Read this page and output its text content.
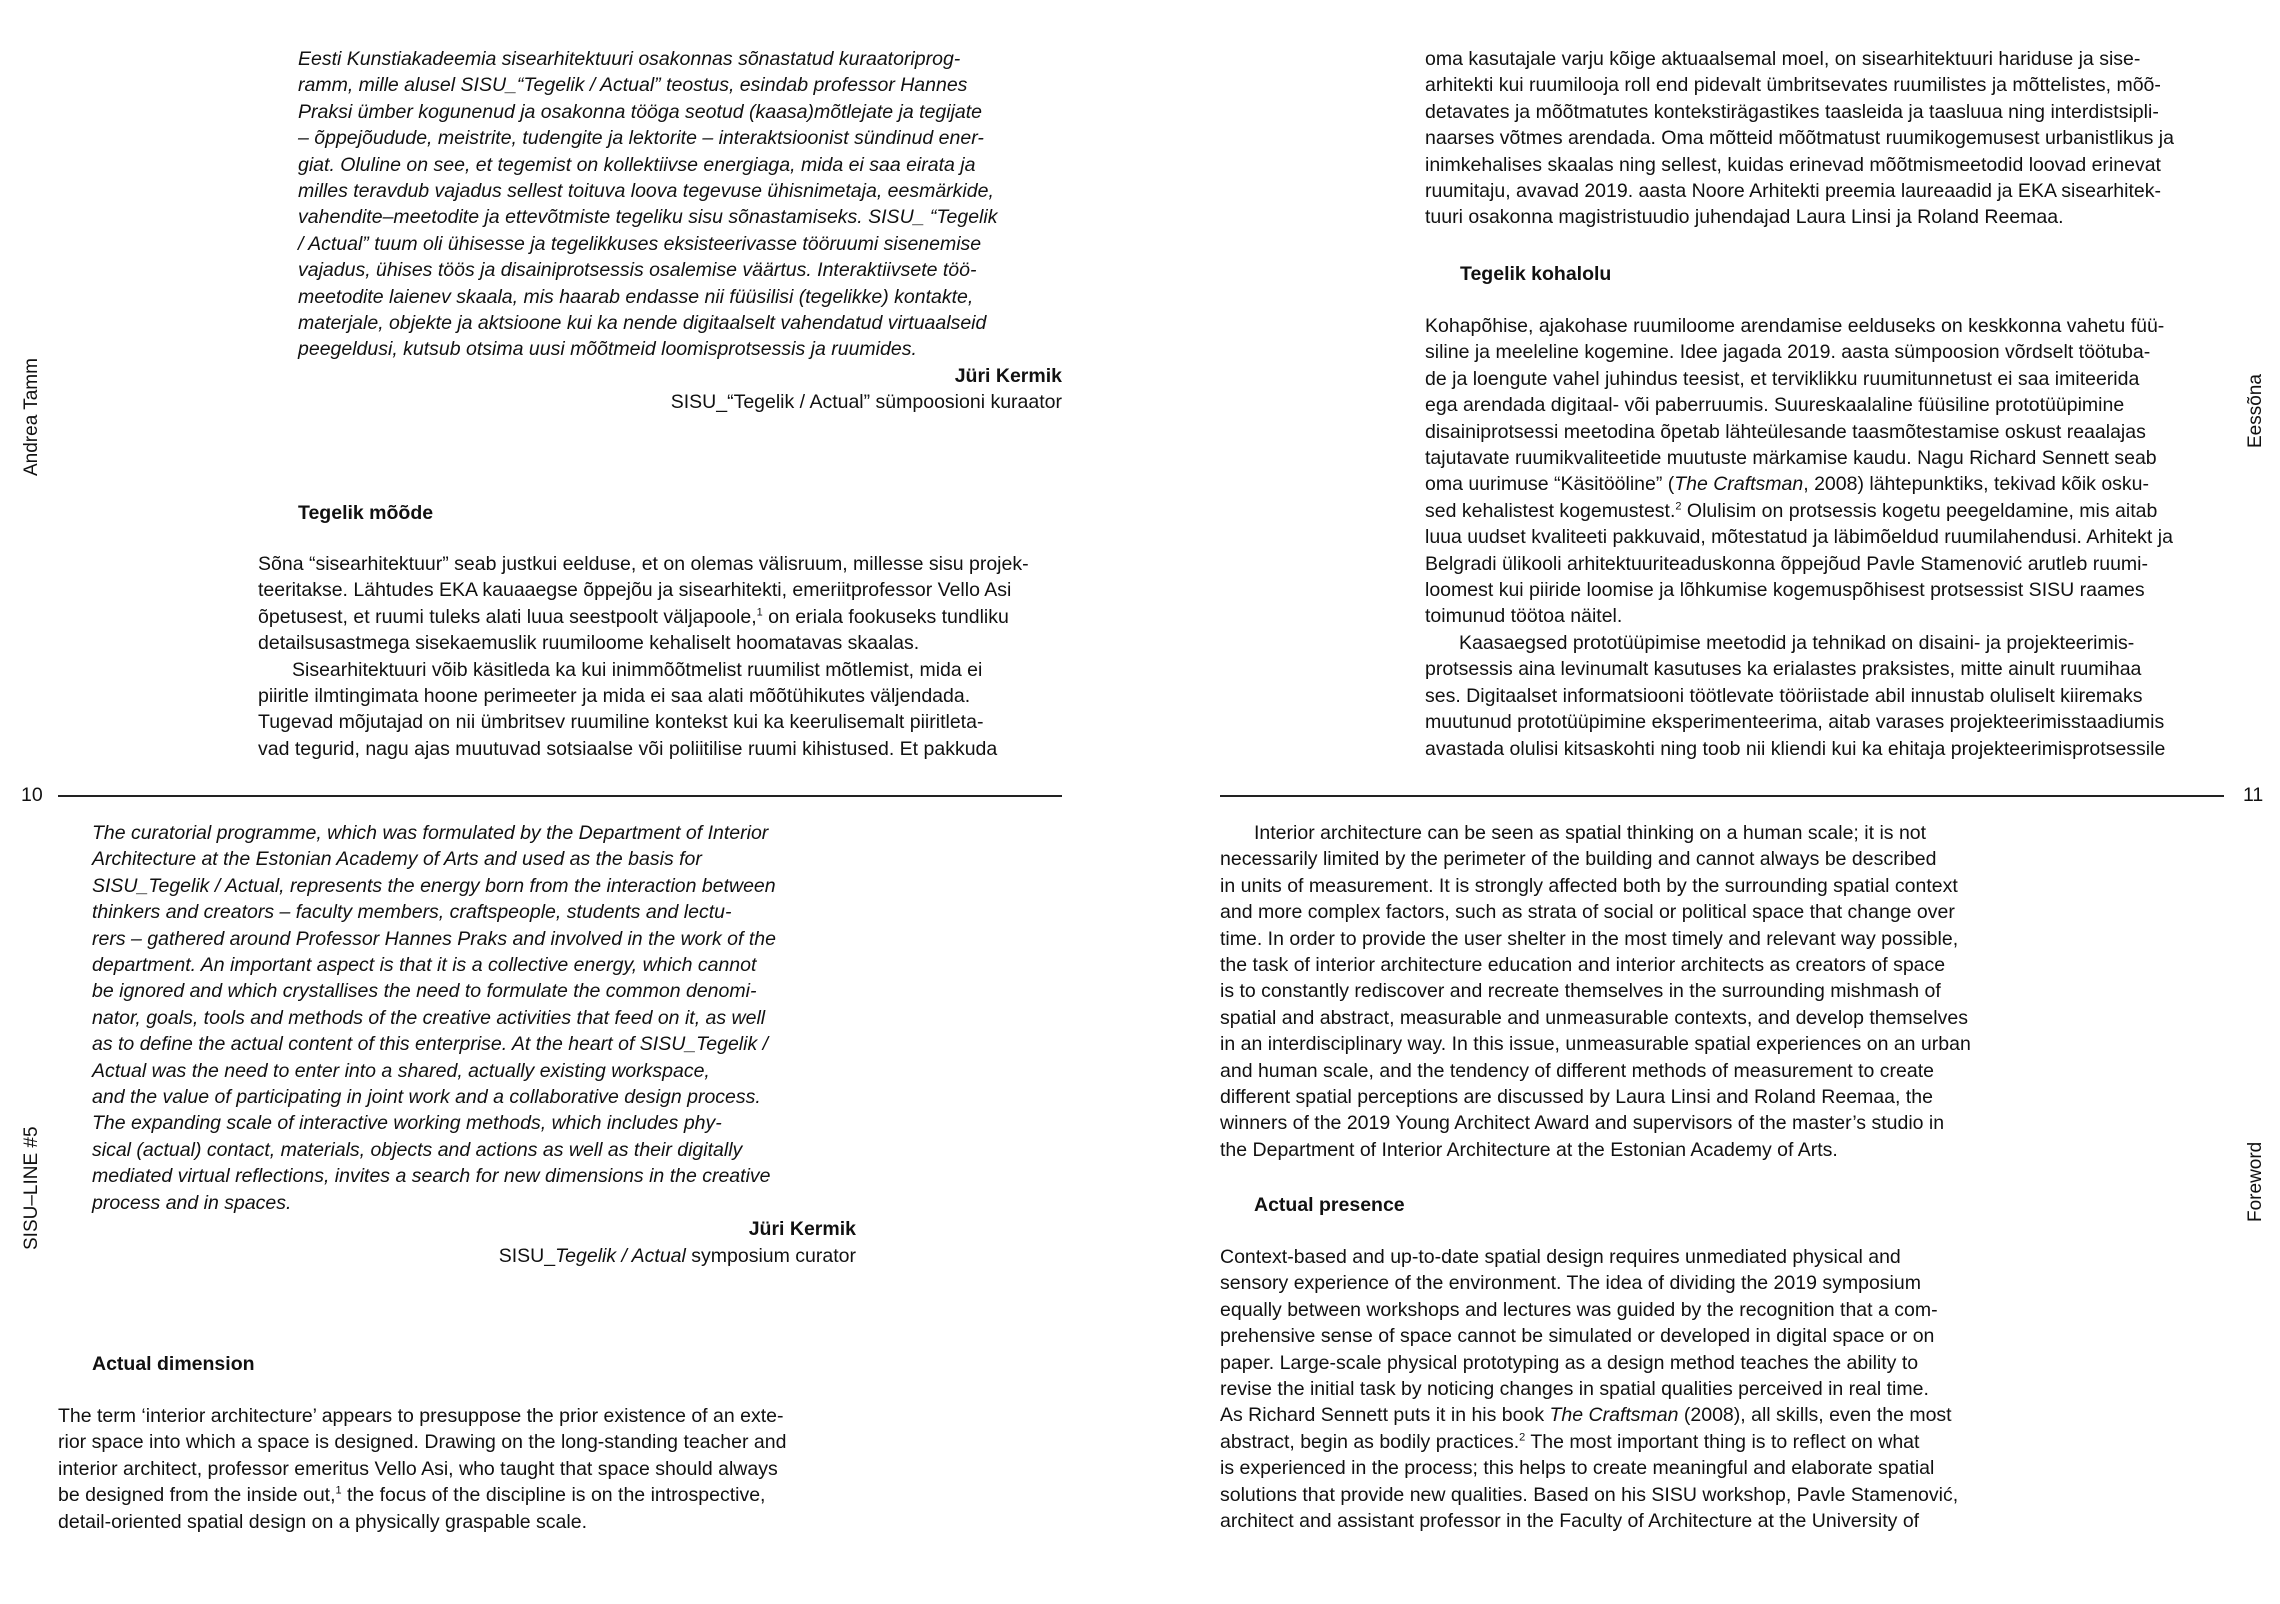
Andrea Tamm
SISU–LINE #5

Eesti Kunstiakadeemia sisearhitektuuri osakonnas sõnastatud kuraatoriprog-
ramm, mille alusel SISU_“Tegelik / Actual” teostus, esindab professor Hannes
Praksi ümber kogunenud ja osakonna tööga seotud (kaasa)mõtlejate ja tegijate
– õppejõudude, meistrite, tudengite ja lektorite – interaktsioonist sündinud ener-
giat. Oluline on see, et tegemist on kollektiivse energiaga, mida ei saa eirata ja
milles teravdub vajadus sellest toituva loova tegevuse ühisnimetaja, eesmärkide,
vahendite–meetodite ja ettevõtmiste tegeliku sisu sõnastamiseks. SISU_ “Tegelik
/ Actual” tuum oli ühisesse ja tegelikkuses eksisteerivasse tööruumi sisenemise
vajadus, ühises töös ja disainiprotsessis osalemise väärtus. Interaktiivsete töö-
meetodite laienev skaala, mis haarab endasse nii füüsilisi (tegelikke) kontakte,
materjale, objekte ja aktsioone kui ka nende digitaalselt vahendatud virtuaalseid
peegeldusi, kutsub otsima uusi mõõtmeid loomisprotsessis ja ruumides.

Jüri Kermik
SISU_“Tegelik / Actual” sümpoosioni kuraator

Tegelik mõõde

Sõna “sisearhitektuur” seab justkui eelduse, et on olemas välisruum, millesse sisu projek-
teeritakse. Lähtudes EKA kauaaegse õppejõu ja sisearhitekti, emeriitprofessor Vello Asi
õpetusest, et ruumi tuleks alati luua seestpoolt väljapoole,$^1$ on eriala fookuseks tundliku
detailsusastmega sisekaemuslik ruumiloome kehaliselt hoomatavas skaalas.

Sisearhitektuuri võib käsitleda ka kui inimmõõtmelist ruumilist mõtlemist, mida ei
piiritle ilmtingimata hoone perimeeter ja mida ei saa alati mõõtühikutes väljendada.
Tugevad mõjutajad on nii ümbritsev ruumiline kontekst kui ka keerulisemalt piiritleta-
vad tegurid, nagu ajas muutuvad sotsiaalse või poliitilise ruumi kihistused. Et pakkuda

10

The curatorial programme, which was formulated by the Department of Interior
Architecture at the Estonian Academy of Arts and used as the basis for
SISU_Tegelik / Actual, represents the energy born from the interaction between
thinkers and creators – faculty members, craftspeople, students and lectu-
rers – gathered around Professor Hannes Praks and involved in the work of the
department. An important aspect is that it is a collective energy, which cannot
be ignored and which crystallises the need to formulate the common denomi-
nator, goals, tools and methods of the creative activities that feed on it, as well
as to define the actual content of this enterprise. At the heart of SISU_Tegelik /
Actual was the need to enter into a shared, actually existing workspace,
and the value of participating in joint work and a collaborative design process.
The expanding scale of interactive working methods, which includes phy-
sical (actual) contact, materials, objects and actions as well as their digitally
mediated virtual reflections, invites a search for new dimensions in the creative
process and in spaces.

Jüri Kermik
SISU_Tegelik / Actual symposium curator

Actual dimension

The term ‘interior architecture’ appears to presuppose the prior existence of an exte-
rior space into which a space is designed. Drawing on the long-standing teacher and
interior architect, professor emeritus Vello Asi, who taught that space should always
be designed from the inside out,$^1$ the focus of the discipline is on the introspective,
detail-oriented spatial design on a physically graspable scale.

Eessõna
Foreword

oma kasutajale varju kõige aktuaalsemal moel, on sisearhitektuuri hariduse ja sise-
arhitekti kui ruumilooja roll end pidevalt ümbritsevates ruumilistes ja mõttelistes, mõõ-
detavates ja mõõtmatutes kontekstirägastikes taasleida ja taasluua ning interdistsipli-
naarses võtmes arendada. Oma mõtteid mõõtmatust ruumikogemusest urbanistlikus ja
inimkehalises skaalas ning sellest, kuidas erinevad mõõtmismeetodid loovad erinevat
ruumitaju, avavad 2019. aasta Noore Arhitekti preemia laureaadid ja EKA sisearhitek-
tuuri osakonna magistristuudio juhendajad Laura Linsi ja Roland Reemaa.

Tegelik kohalolu

Kohapõhise, ajakohase ruumiloome arendamise eelduseks on keskkonna vahetu füü-
siline ja meeleline kogemine. Idee jagada 2019. aasta sümpoosion võrdselt töötuba-
de ja loengute vahel juhindus teesist, et terviklikku ruumitunnetust ei saa imiteerida
ega arendada digitaal- või paberruumis. Suureskaalaline füüsiline prototüüpimine
disainiprotsessi meetodina õpetab lähteülesande taasmõtestamise oskust reaalajas
tajutavate ruumikvaliteetide muutuste märkamise kaudu. Nagu Richard Sennett seab
oma uurimuse “Käsitööline” (The Craftsman, 2008) lähtepunktiks, tekivad kõik osku-
sed kehalistest kogemustest.$^2$ Olulisim on protsessis kogetu peegeldamine, mis aitab
luua uudset kvaliteeti pakkuvaid, mõtestatud ja läbimõeldud ruumilahendusi. Arhitekt ja
Belgradi ülikooli arhitektuuriteaduskonna õppejõud Pavle Stamenović arutleb ruumi-
loomest kui piiride loomise ja lõhkumise kogemuspõhisest protsessist SISU raames
toimunud töötoa näitel.

Kaasaegsed prototüüpimise meetodid ja tehnikad on disaini- ja projekteerimis-
protsessis aina levinumalt kasutuses ka erialastes praksistes, mitte ainult ruumihaa
ses. Digitaalset informatsiooni töötlevate tööriistade abil innustab oluliselt kiiremaks
muutunud prototüüpimine eksperimenteerima, aitab varases projekteerimisstaadiumis
avastada olulisi kitsaskohti ning toob nii kliendi kui ka ehitaja projekteerimisprotsessile

11

Interior architecture can be seen as spatial thinking on a human scale; it is not
necessarily limited by the perimeter of the building and cannot always be described
in units of measurement. It is strongly affected both by the surrounding spatial context
and more complex factors, such as strata of social or political space that change over
time. In order to provide the user shelter in the most timely and relevant way possible,
the task of interior architecture education and interior architects as creators of space
is to constantly rediscover and recreate themselves in the surrounding mishmash of
spatial and abstract, measurable and unmeasurable contexts, and develop themselves
in an interdisciplinary way. In this issue, unmeasurable spatial experiences on an urban
and human scale, and the tendency of different methods of measurement to create
different spatial perceptions are discussed by Laura Linsi and Roland Reemaa, the
winners of the 2019 Young Architect Award and supervisors of the master’s studio in
the Department of Interior Architecture at the Estonian Academy of Arts.

Actual presence

Context-based and up-to-date spatial design requires unmediated physical and
sensory experience of the environment. The idea of dividing the 2019 symposium
equally between workshops and lectures was guided by the recognition that a com-
prehensive sense of space cannot be simulated or developed in digital space or on
paper. Large-scale physical prototyping as a design method teaches the ability to
revise the initial task by noticing changes in spatial qualities perceived in real time.
As Richard Sennett puts it in his book The Craftsman (2008), all skills, even the most
abstract, begin as bodily practices.$^2$ The most important thing is to reflect on what
is experienced in the process; this helps to create meaningful and elaborate spatial
solutions that provide new qualities. Based on his SISU workshop, Pavle Stamenović,
architect and assistant professor in the Faculty of Architecture at the University of
